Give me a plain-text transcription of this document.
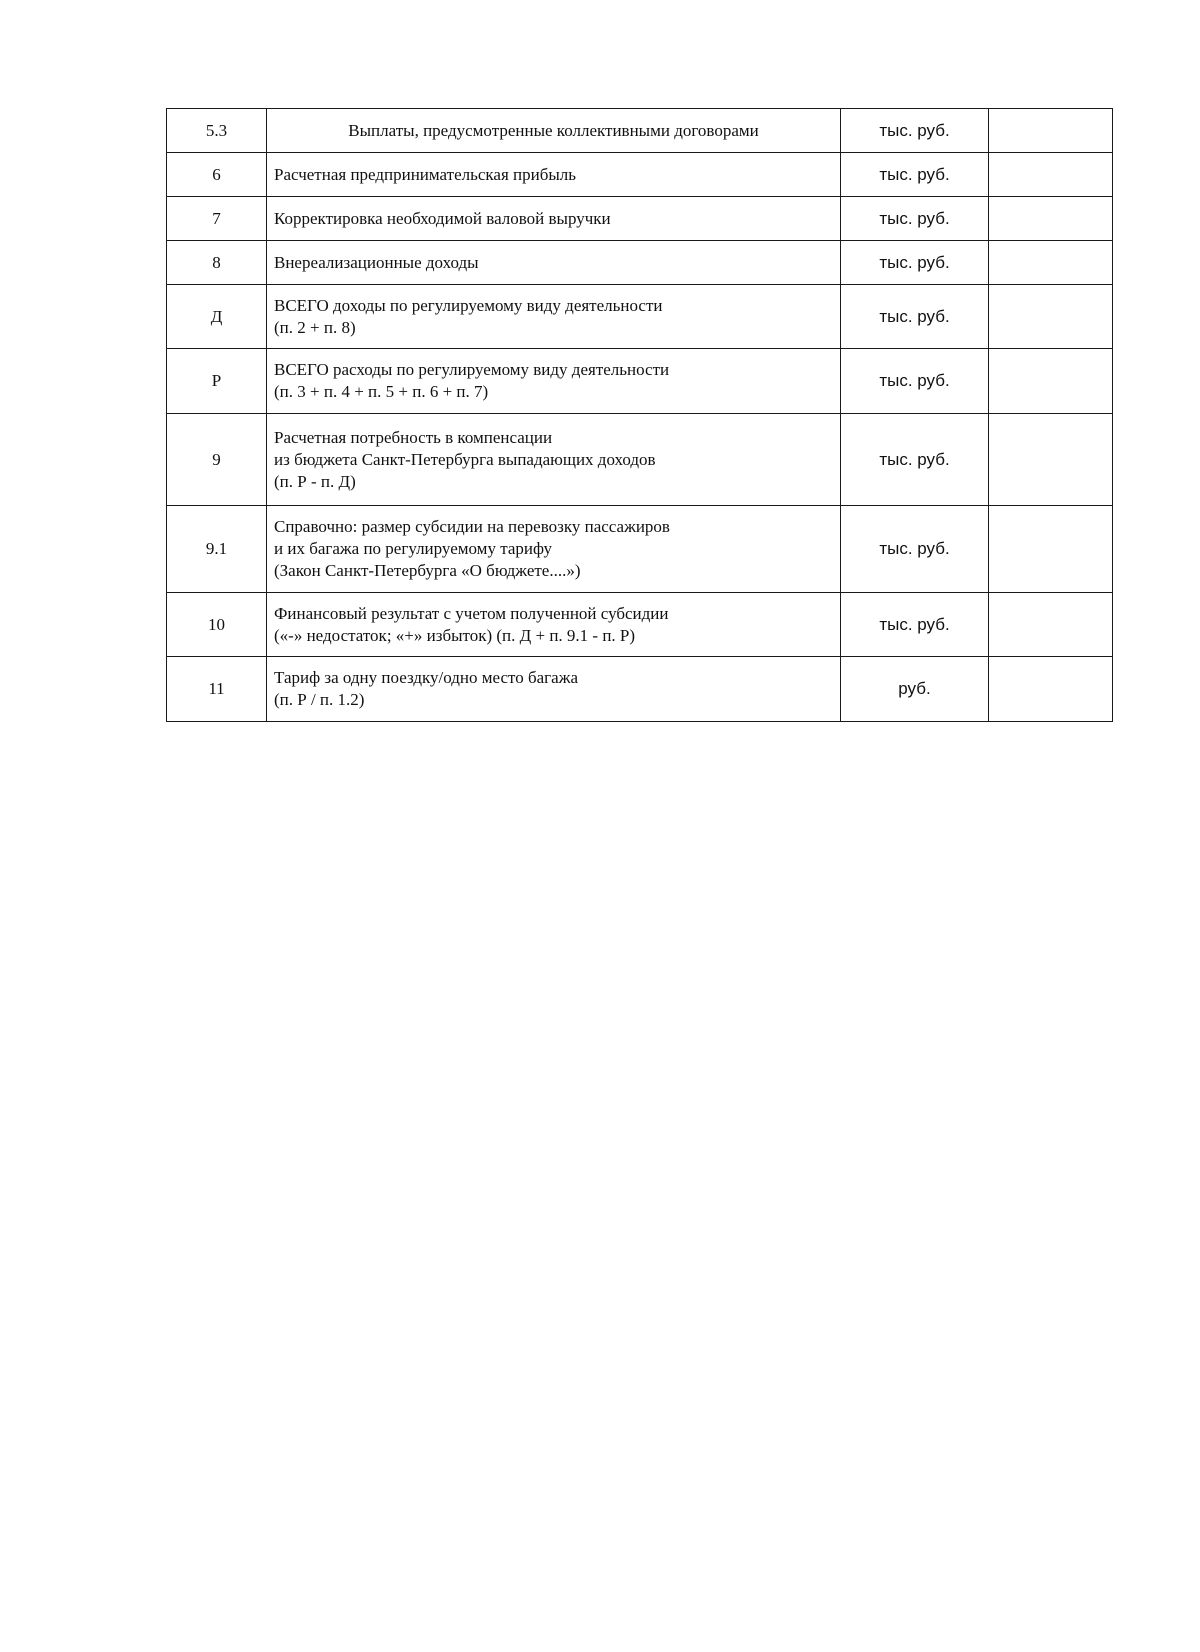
5.3	Выплаты, предусмотренные коллективными договорами	тыс. руб.	
6	Расчетная предпринимательская прибыль	тыс. руб.	
7	Корректировка необходимой валовой выручки	тыс. руб.	
8	Внереализационные доходы	тыс. руб.	
Д	ВСЕГО доходы по регулируемому виду деятельности
(п. 2 + п. 8)	тыс. руб.	
Р	ВСЕГО расходы по регулируемому виду деятельности
(п. 3 + п. 4 + п. 5 + п. 6 + п. 7)	тыс. руб.	
9	Расчетная потребность в компенсации
из бюджета Санкт-Петербурга выпадающих доходов
(п. Р - п. Д)	тыс. руб.	
9.1	Справочно: размер субсидии на перевозку пассажиров
и их багажа по регулируемому тарифу
(Закон Санкт-Петербурга «О бюджете....»)	тыс. руб.	
10	Финансовый результат с учетом полученной субсидии
(«-» недостаток; «+» избыток) (п. Д + п. 9.1 - п. Р)	тыс. руб.	
11	Тариф за одну поездку/одно место багажа
(п. Р / п. 1.2)	руб.	
